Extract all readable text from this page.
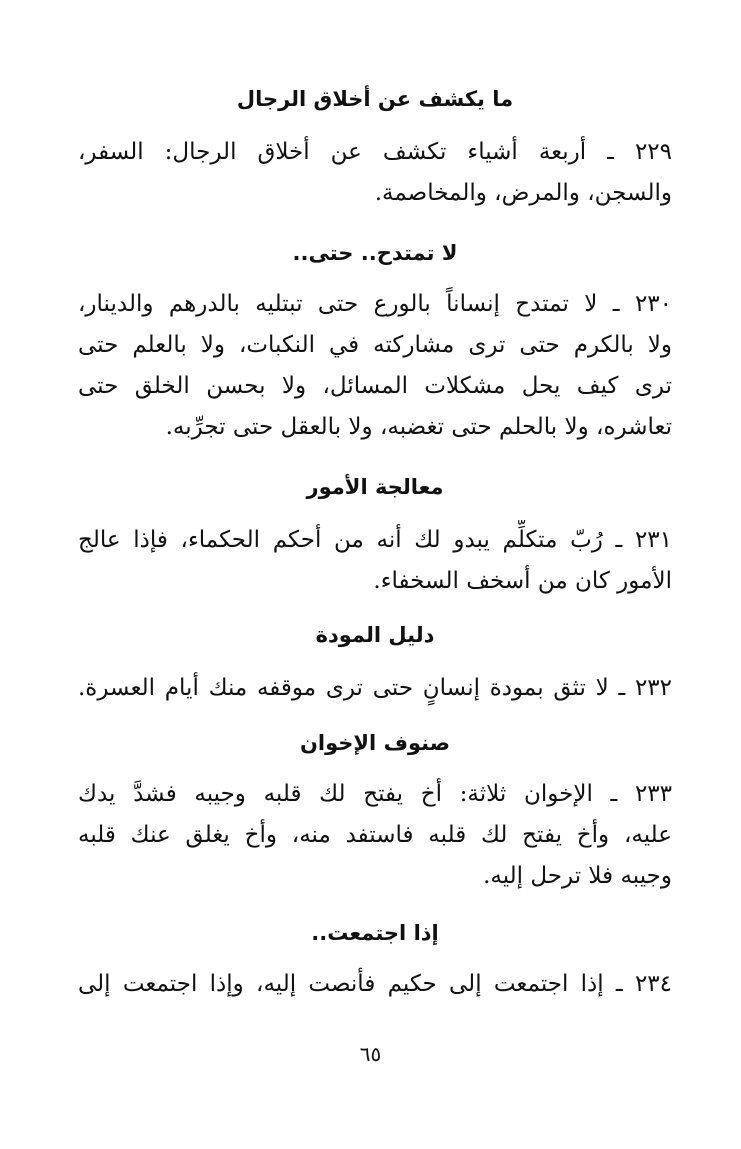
ما يكشف عن أخلاق الرجال
٢٢٩ ـ أربعة أشياء تكشف عن أخلاق الرجال: السفر،
والسجن، والمرض، والمخاصمة.
لا تمتدح.. حتى..
٢٣٠ ـ لا تمتدح إنساناً بالورع حتى تبتليه بالدرهم والدينار،
ولا بالكرم حتى ترى مشاركته في النكبات، ولا بالعلم حتى
ترى كيف يحل مشكلات المسائل، ولا بحسن الخلق حتى
تعاشره، ولا بالحلم حتى تغضبه، ولا بالعقل حتى تجرِّبه.
معالجة الأمور
٢٣١ ـ رُبّ متكلِّم يبدو لك أنه من أحكم الحكماء، فإذا عالج
الأمور كان من أسخف السخفاء.
دليل المودة
٢٣٢ ـ لا تثق بمودة إنسانٍ حتى ترى موقفه منك أيام العسرة.
صنوف الإخوان
٢٣٣ ـ الإخوان ثلاثة: أخ يفتح لك قلبه وجيبه فشدَّ يدك
عليه، وأخ يفتح لك قلبه فاستفد منه، وأخ يغلق عنك قلبه
وجيبه فلا ترحل إليه.
إذا اجتمعت..
٢٣٤ ـ إذا اجتمعت إلى حكيم فأنصت إليه، وإذا اجتمعت إلى
٦٥
